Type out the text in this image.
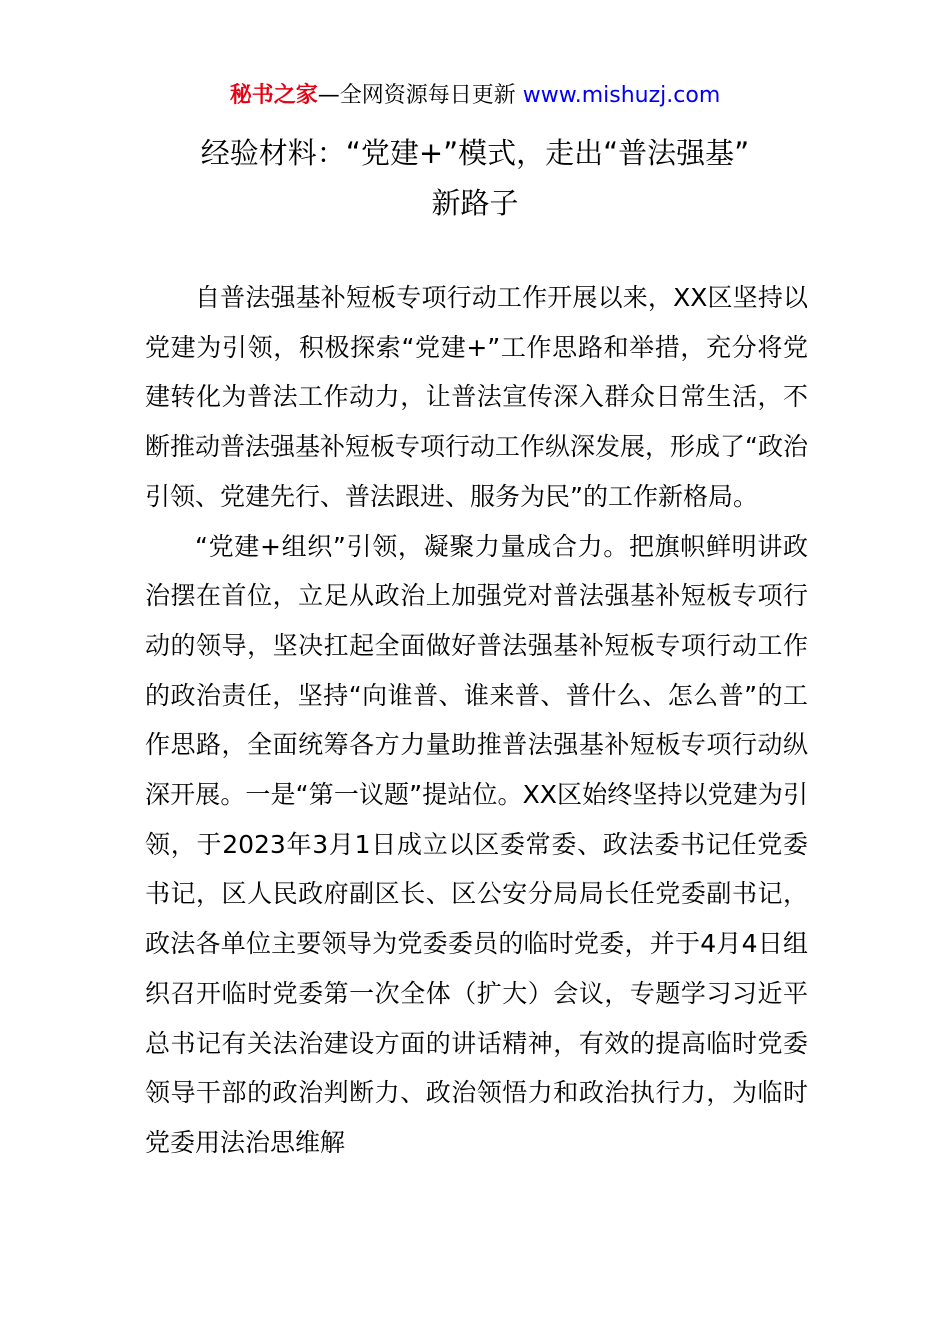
秘书之家—全网资源每日更新 www.mishuzj.com
经验材料：“党建+”模式，走出“普法强基”
新路子

自普法强基补短板专项行动工作开展以来，XX区坚持以党建为引领，积极探索“党建+”工作思路和举措，充分将党建转化为普法工作动力，让普法宣传深入群众日常生活，不断推动普法强基补短板专项行动工作纵深发展，形成了“政治引领、党建先行、普法跟进、服务为民”的工作新格局。

“党建+组织”引领，凝聚力量成合力。把旗帜鲜明讲政治摆在首位，立足从政治上加强党对普法强基补短板专项行动的领导，坚决扛起全面做好普法强基补短板专项行动工作的政治责任，坚持“向谁普、谁来普、普什么、怎么普”的工作思路，全面统筹各方力量助推普法强基补短板专项行动纵深开展。一是“第一议题”提站位。XX区始终坚持以党建为引领，于2023年3月1日成立以区委常委、政法委书记任党委书记，区人民政府副区长、区公安分局局长任党委副书记，政法各单位主要领导为党委委员的临时党委，并于4月4日组织召开临时党委第一次全体（扩大）会议，专题学习习近平总书记有关法治建设方面的讲话精神，有效的提高临时党委领导干部的政治判断力、政治领悟力和政治执行力，为临时党委用法治思维解
